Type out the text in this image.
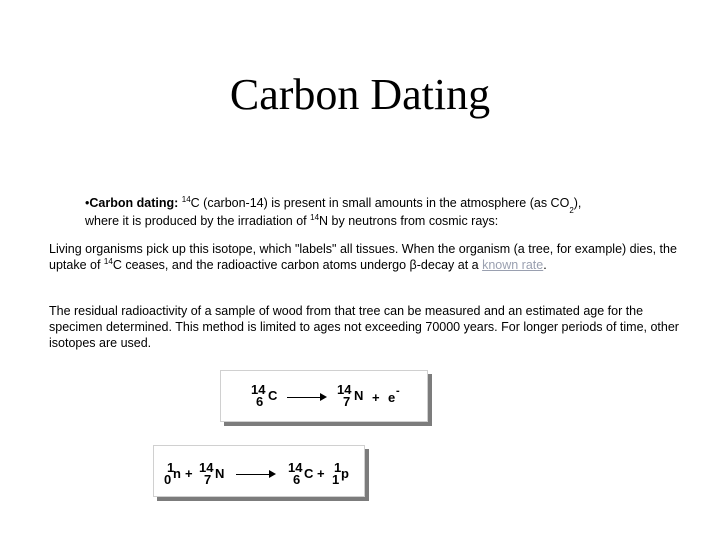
Carbon Dating
•Carbon dating: $^{14}$C (carbon-14) is present in small amounts in the atmosphere (as $CO_2$),
where it is produced by the irradiation of $^{14}$N by neutrons from cosmic rays:
Living organisms pick up this isotope, which "labels" all tissues. When the organism (a tree, for example) dies, the uptake of $^{14}$C ceases, and the radioactive carbon atoms undergo β-decay at a known rate.
The residual radioactivity of a sample of wood from that tree can be measured and an estimated age for the specimen determined. This method is limited to ages not exceeding 70000 years. For longer periods of time, other isotopes are used.
14
6 C →
14
7 N + e -
1
0 n + 14
7 N → 14
6 C + 1
1 p
